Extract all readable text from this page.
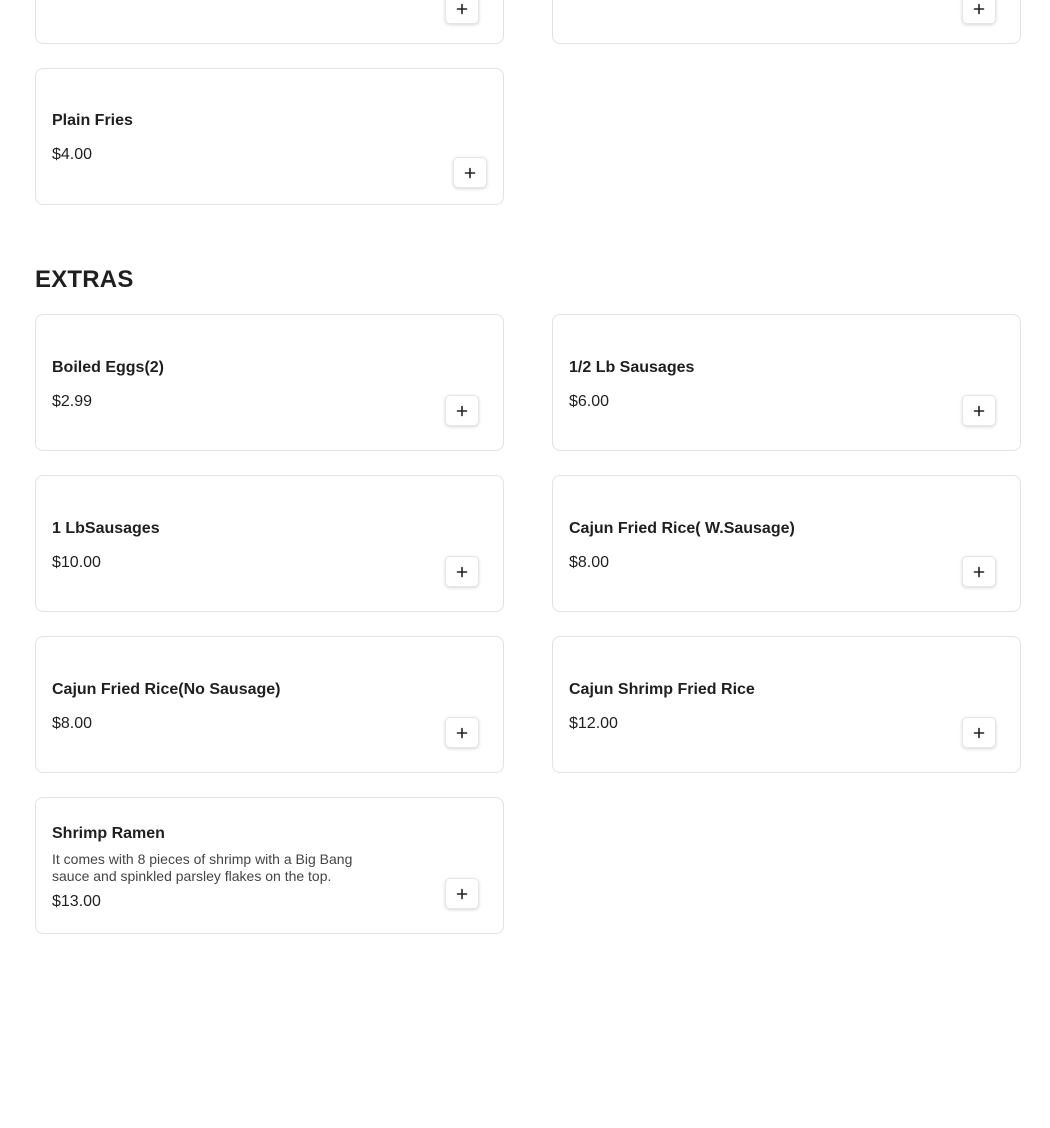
Plain Fries
$4.00
EXTRAS
Boiled Eggs(2)
$2.99
1/2 Lb Sausages
$6.00
1 LbSausages
$10.00
Cajun Fried Rice( W.Sausage)
$8.00
Cajun Fried Rice(No Sausage)
$8.00
Cajun Shrimp Fried Rice
$12.00
Shrimp Ramen

It comes with 8 pieces of shrimp with a Big Bang sauce and spinkled parsley flakes on the top.

$13.00
